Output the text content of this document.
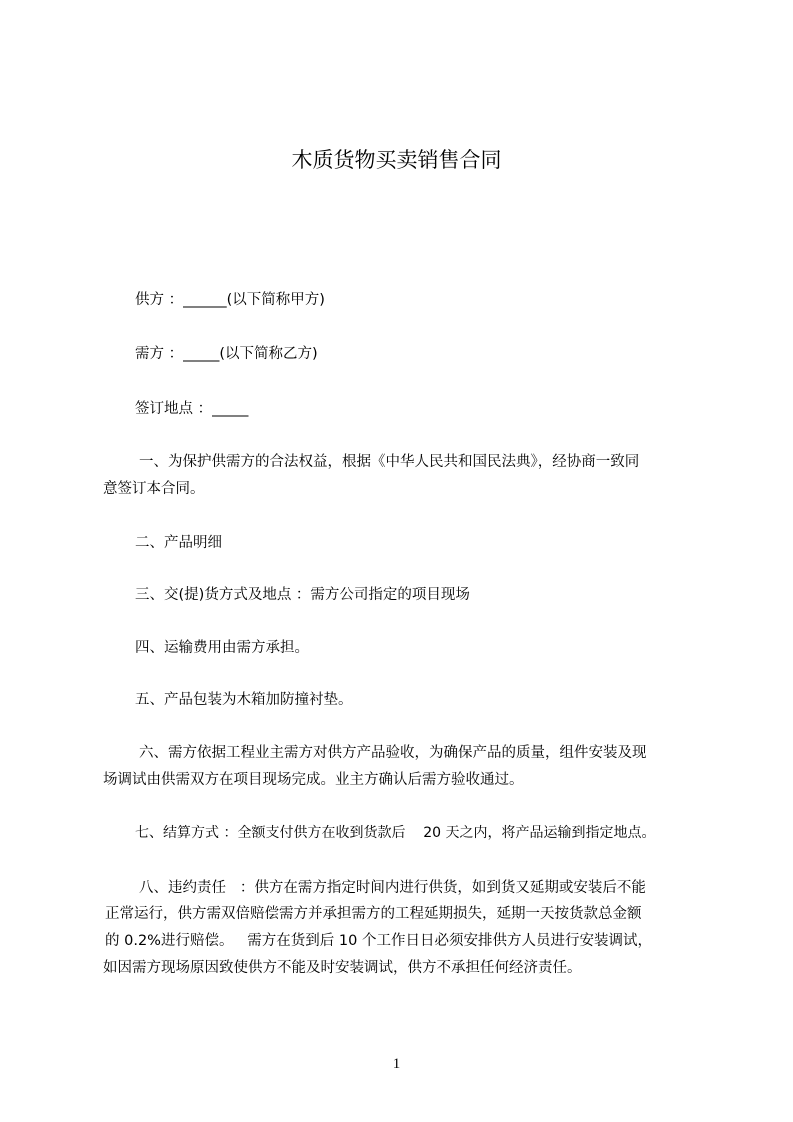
木质货物买卖销售合同
供方 ：______(以下简称甲方)
需方 ：_____(以下简称乙方)
签订地点 ：_____
一、为保护供需方的合法权益，根据《中华人民共和国民法典》，经协商一致同
意签订本合同。
二、产品明细
三、交(提)货方式及地点 ：需方公司指定的项目现场
四、运输费用由需方承担。
五、产品包装为木箱加防撞衬垫。
六、需方依据工程业主需方对供方产品验收，为确保产品的质量，组件安装及现
场调试由供需双方在项目现场完成。业主方确认后需方验收通过。
七、结算方式 ：全额支付供方在收到货款后    20 天之内，将产品运输到指定地点。
八、违约责任   ：供方在需方指定时间内进行供货，如到货又延期或安装后不能
正常运行，供方需双倍赔偿需方并承担需方的工程延期损失，延期一天按货款总金额
的 0.2%进行赔偿。   需方在货到后 10 个工作日日必须安排供方人员进行安装调试，
如因需方现场原因致使供方不能及时安装调试，供方不承担任何经济责任。
1
